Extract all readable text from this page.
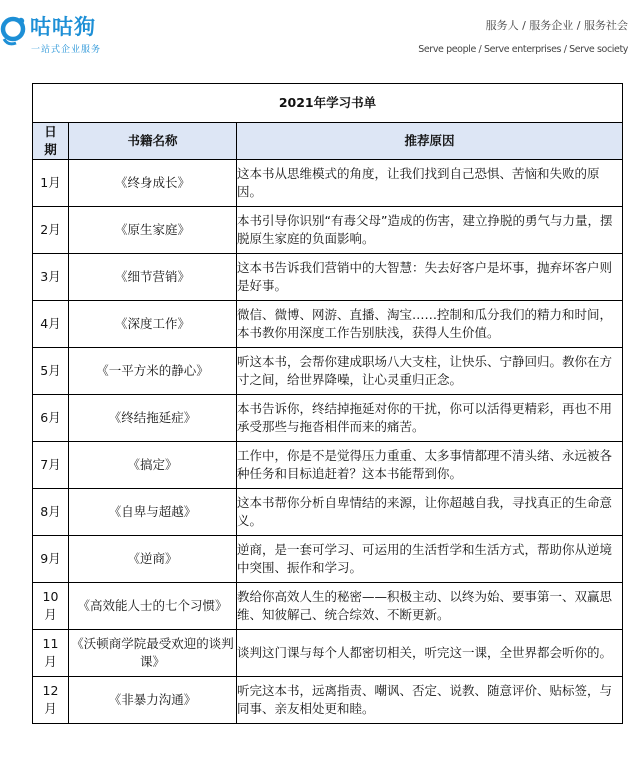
咕咕狗
一站式企业服务
服务人 / 服务企业 / 服务社会
Serve people / Serve enterprises / Serve society
2021年学习书单		
日
期	书籍名称	推荐原因
1月	《终身成长》	这本书从思维模式的角度，让我们找到自己恐惧、苦恼和失败的原因。
2月	《原生家庭》	本书引导你识别“有毒父母”造成的伤害，建立挣脱的勇气与力量，摆脱原生家庭的负面影响。
3月	《细节营销》	这本书告诉我们营销中的大智慧：失去好客户是坏事，抛弃坏客户则是好事。
4月	《深度工作》	微信、微博、网游、直播、淘宝……控制和瓜分我们的精力和时间，本书教你用深度工作告别肤浅，获得人生价值。
5月	《一平方米的静心》	听这本书，会帮你建成职场八大支柱，让快乐、宁静回归。教你在方寸之间，给世界降噪，让心灵重归正念。
6月	《终结拖延症》	本书告诉你，终结掉拖延对你的干扰，你可以活得更精彩，再也不用承受那些与拖沓相伴而来的痛苦。
7月	《搞定》	工作中，你是不是觉得压力重重、太多事情都理不清头绪、永远被各种任务和目标追赶着？这本书能帮到你。
8月	《自卑与超越》	这本书帮你分析自卑情结的来源，让你超越自我，寻找真正的生命意义。
9月	《逆商》	逆商，是一套可学习、可运用的生活哲学和生活方式，帮助你从逆境中突围、振作和学习。
10
月	《高效能人士的七个习惯》	教给你高效人生的秘密——积极主动、以终为始、要事第一、双赢思维、知彼解己、统合综效、不断更新。
11
月	《沃顿商学院最受欢迎的谈判课》	谈判这门课与每个人都密切相关，听完这一课，全世界都会听你的。
12
月	《非暴力沟通》	听完这本书，远离指责、嘲讽、否定、说教、随意评价、贴标签，与同事、亲友相处更和睦。
